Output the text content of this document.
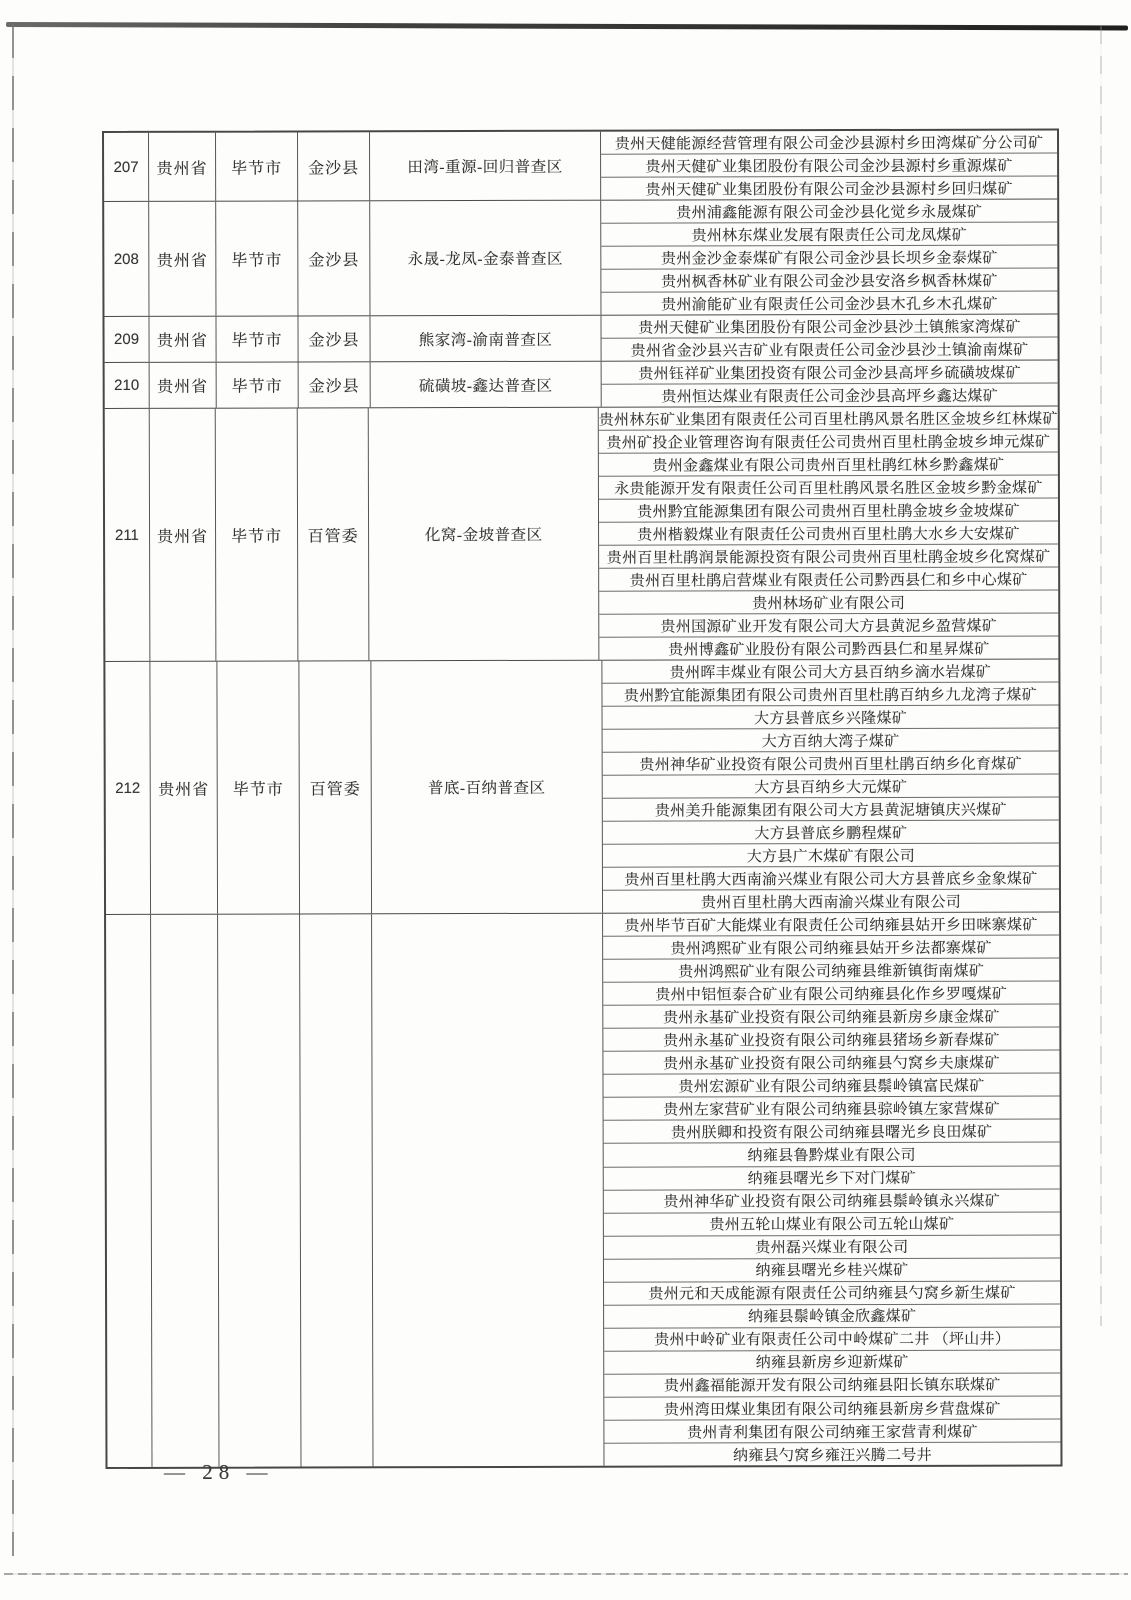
207	贵州省	毕节市	金沙县	田湾-重源-回归普查区
贵州天健能源经营管理有限公司金沙县源村乡田湾煤矿分公司矿
贵州天健矿业集团股份有限公司金沙县源村乡重源煤矿
贵州天健矿业集团股份有限公司金沙县源村乡回归煤矿
208	贵州省	毕节市	金沙县	永晟-龙凤-金泰普查区
贵州浦鑫能源有限公司金沙县化觉乡永晟煤矿
贵州林东煤业发展有限责任公司龙凤煤矿
贵州金沙金泰煤矿有限公司金沙县长坝乡金泰煤矿
贵州枫香林矿业有限公司金沙县安洛乡枫香林煤矿
贵州渝能矿业有限责任公司金沙县木孔乡木孔煤矿
209	贵州省	毕节市	金沙县	熊家湾-渝南普查区
贵州天健矿业集团股份有限公司金沙县沙土镇熊家湾煤矿
贵州省金沙县兴吉矿业有限责任公司金沙县沙土镇渝南煤矿
210	贵州省	毕节市	金沙县	硫磺坡-鑫达普查区
贵州钰祥矿业集团投资有限公司金沙县高坪乡硫磺坡煤矿
贵州恒达煤业有限责任公司金沙县高坪乡鑫达煤矿
211	贵州省	毕节市	百管委	化窝-金坡普查区
贵州林东矿业集团有限责任公司百里杜鹃风景名胜区金坡乡红林煤矿
贵州矿投企业管理咨询有限责任公司贵州百里杜鹃金坡乡坤元煤矿
贵州金鑫煤业有限公司贵州百里杜鹃红林乡黔鑫煤矿
永贵能源开发有限责任公司百里杜鹃风景名胜区金坡乡黔金煤矿
贵州黔宜能源集团有限公司贵州百里杜鹃金坡乡金坡煤矿
贵州楷毅煤业有限责任公司贵州百里杜鹃大水乡大安煤矿
贵州百里杜鹃润景能源投资有限公司贵州百里杜鹃金坡乡化窝煤矿
贵州百里杜鹃启营煤业有限责任公司黔西县仁和乡中心煤矿
贵州林场矿业有限公司
贵州国源矿业开发有限公司大方县黄泥乡盈营煤矿
贵州博鑫矿业股份有限公司黔西县仁和星昇煤矿
212	贵州省	毕节市	百管委	普底-百纳普查区
贵州晖丰煤业有限公司大方县百纳乡滴水岩煤矿
贵州黔宜能源集团有限公司贵州百里杜鹃百纳乡九龙湾子煤矿
大方县普底乡兴隆煤矿
大方百纳大湾子煤矿
贵州神华矿业投资有限公司贵州百里杜鹃百纳乡化育煤矿
大方县百纳乡大元煤矿
贵州美升能源集团有限公司大方县黄泥塘镇庆兴煤矿
大方县普底乡鹏程煤矿
大方县广木煤矿有限公司
贵州百里杜鹃大西南渝兴煤业有限公司大方县普底乡金象煤矿
贵州百里杜鹃大西南渝兴煤业有限公司
贵州毕节百矿大能煤业有限责任公司纳雍县姑开乡田咪寨煤矿
贵州鸿熙矿业有限公司纳雍县姑开乡法都寨煤矿
贵州鸿熙矿业有限公司纳雍县维新镇街南煤矿
贵州中铝恒泰合矿业有限公司纳雍县化作乡罗嘎煤矿
贵州永基矿业投资有限公司纳雍县新房乡康金煤矿
贵州永基矿业投资有限公司纳雍县猪场乡新春煤矿
贵州永基矿业投资有限公司纳雍县勺窝乡夫康煤矿
贵州宏源矿业有限公司纳雍县鬃岭镇富民煤矿
贵州左家营矿业有限公司纳雍县骔岭镇左家营煤矿
贵州朕卿和投资有限公司纳雍县曙光乡良田煤矿
纳雍县鲁黔煤业有限公司
纳雍县曙光乡下对门煤矿
贵州神华矿业投资有限公司纳雍县鬃岭镇永兴煤矿
贵州五轮山煤业有限公司五轮山煤矿
贵州磊兴煤业有限公司
纳雍县曙光乡桂兴煤矿
贵州元和天成能源有限责任公司纳雍县勺窝乡新生煤矿
纳雍县鬃岭镇金欣鑫煤矿
贵州中岭矿业有限责任公司中岭煤矿二井 （坪山井）
纳雍县新房乡迎新煤矿
贵州鑫福能源开发有限公司纳雍县阳长镇东联煤矿
贵州湾田煤业集团有限公司纳雍县新房乡营盘煤矿
贵州青利集团有限公司纳雍王家营青利煤矿
纳雍县勺窝乡雍汪兴腾二号井
— 28 —
